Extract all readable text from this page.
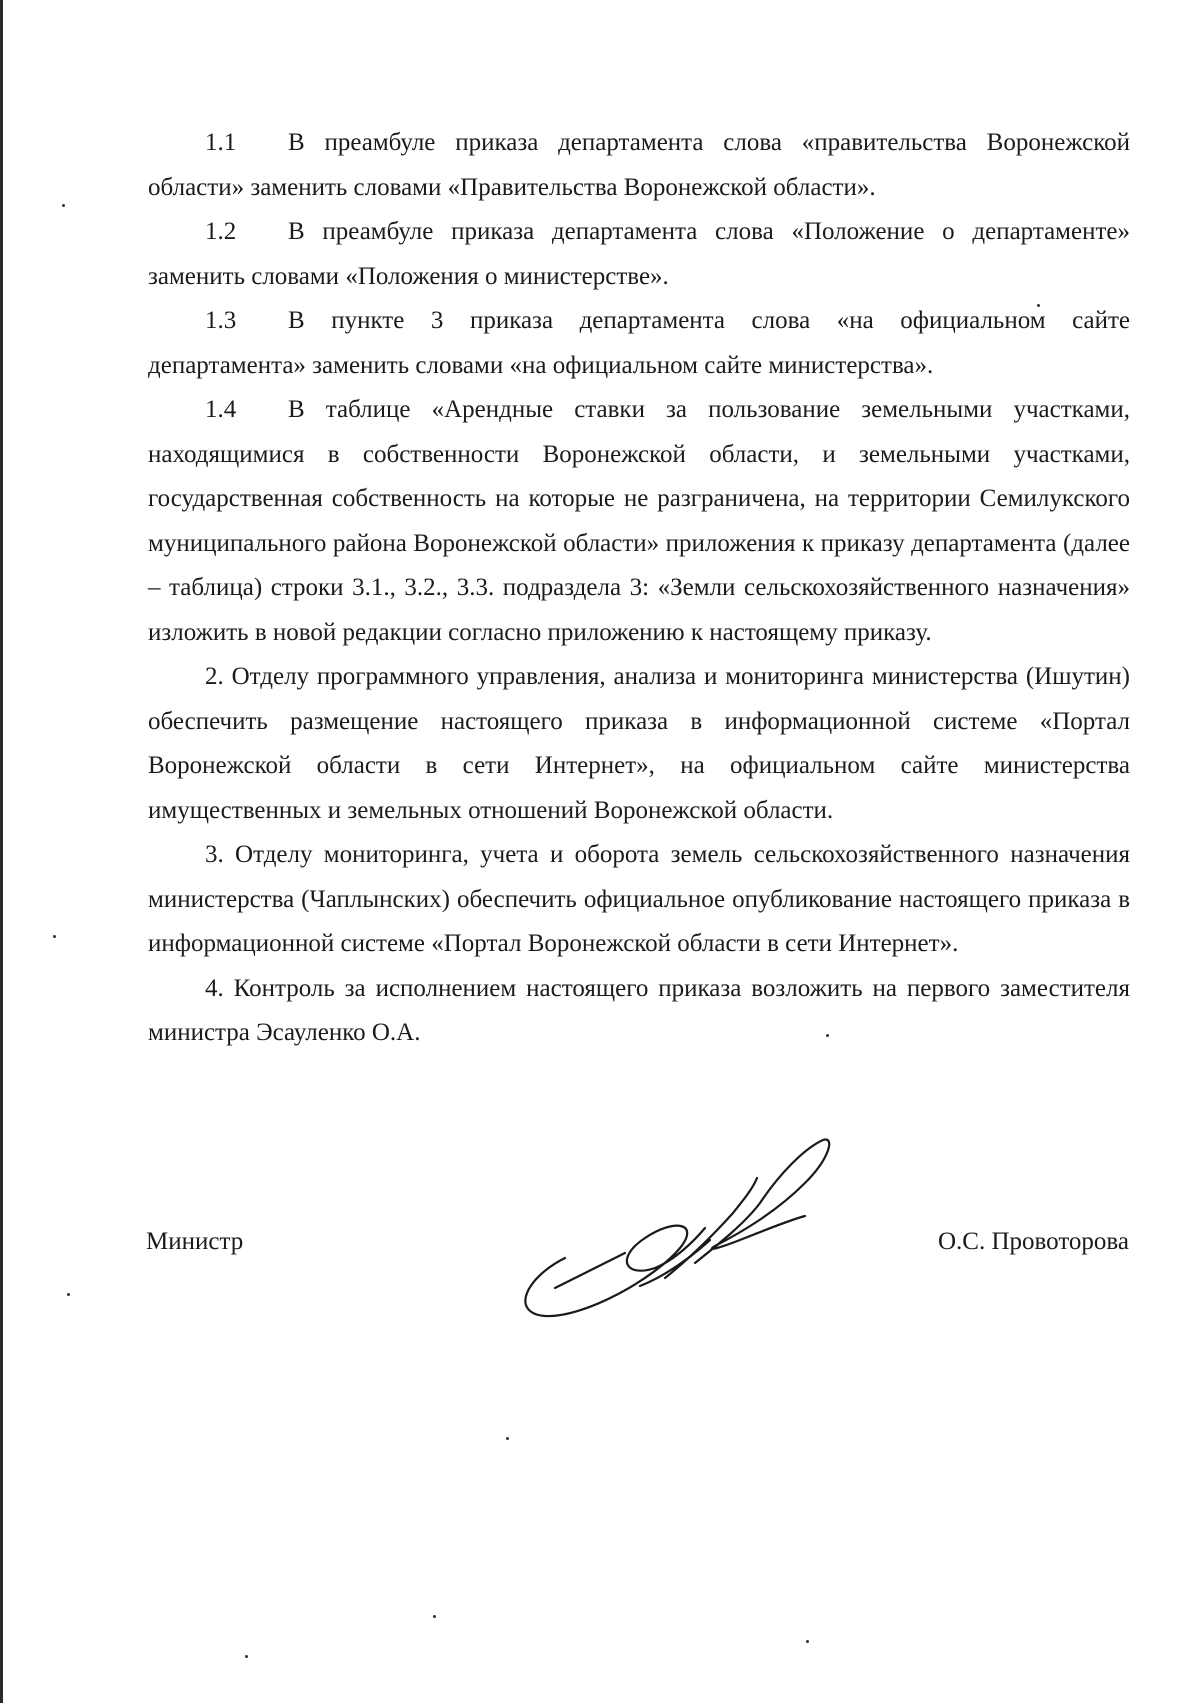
1.1 В преамбуле приказа департамента слова «правительства Воронежской области» заменить словами «Правительства Воронежской области».

1.2 В преамбуле приказа департамента слова «Положение о департаменте» заменить словами «Положения о министерстве».

1.3 В пункте 3 приказа департамента слова «на официальном сайте департамента» заменить словами «на официальном сайте министерства».

1.4 В таблице «Арендные ставки за пользование земельными участками, находящимися в собственности Воронежской области, и земельными участками, государственная собственность на которые не разграничена, на территории Семилукского муниципального района Воронежской области» приложения к приказу департамента (далее – таблица) строки 3.1., 3.2., 3.3. подраздела 3: «Земли сельскохозяйственного назначения» изложить в новой редакции согласно приложению к настоящему приказу.

2. Отделу программного управления, анализа и мониторинга министерства (Ишутин) обеспечить размещение настоящего приказа в информационной системе «Портал Воронежской области в сети Интернет», на официальном сайте министерства имущественных и земельных отношений Воронежской области.

3. Отделу мониторинга, учета и оборота земель сельскохозяйственного назначения министерства (Чаплынских) обеспечить официальное опубликование настоящего приказа в информационной системе «Портал Воронежской области в сети Интернет».

4. Контроль за исполнением настоящего приказа возложить на первого заместителя министра Эсауленко О.А.

Министр	О.С. Провоторова
